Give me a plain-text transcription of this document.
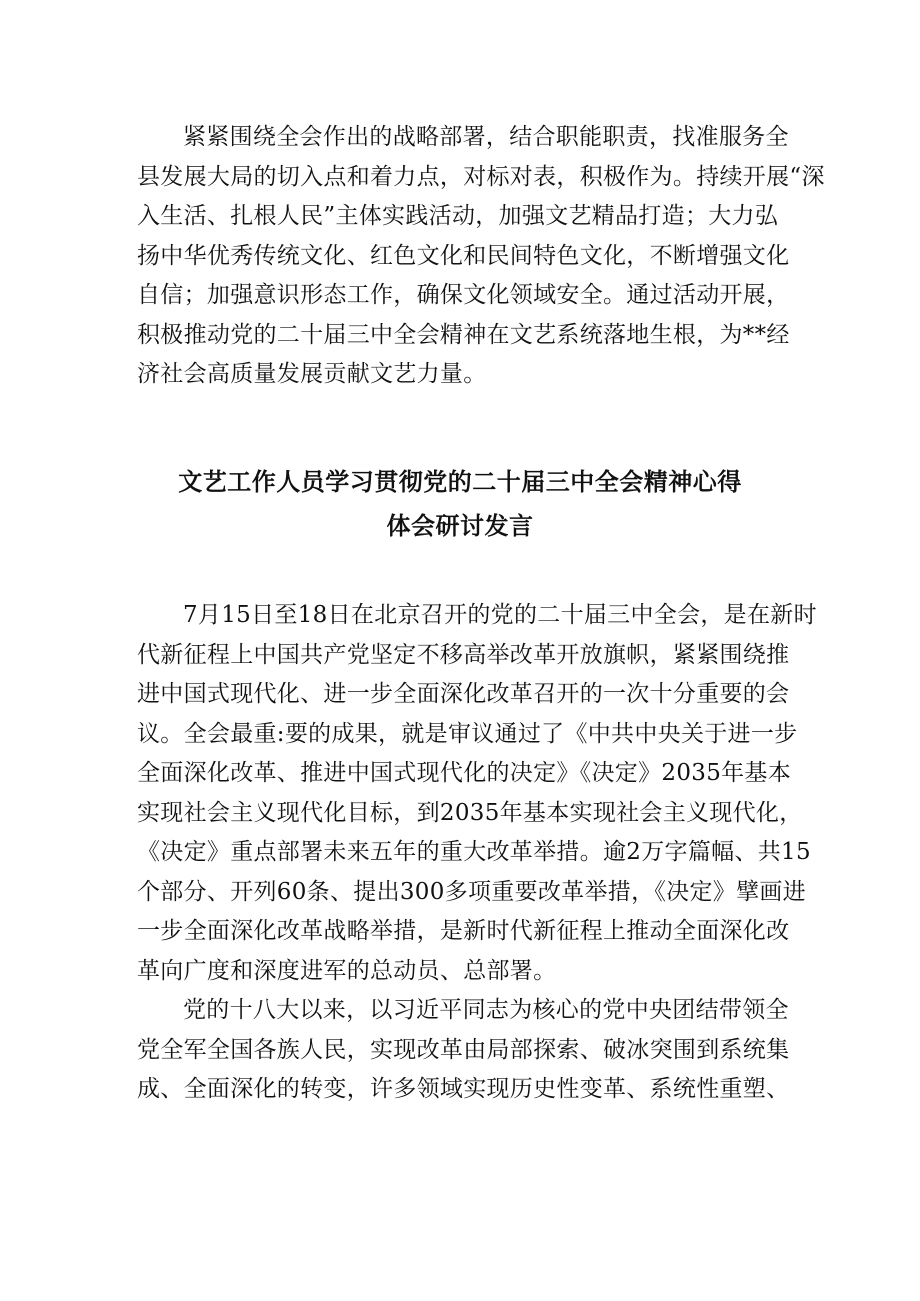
紧紧围绕全会作出的战略部署，结合职能职责，找准服务全
县发展大局的切入点和着力点，对标对表，积极作为。持续开展“深
入生活、扎根人民”主体实践活动，加强文艺精品打造；大力弘
扬中华优秀传统文化、红色文化和民间特色文化，不断增强文化
自信；加强意识形态工作，确保文化领域安全。通过活动开展，
积极推动党的二十届三中全会精神在文艺系统落地生根，为**经
济社会高质量发展贡献文艺力量。
文艺工作人员学习贯彻党的二十届三中全会精神心得
体会研讨发言
7月15日至18日在北京召开的党的二十届三中全会，是在新时
代新征程上中国共产党坚定不移高举改革开放旗帜，紧紧围绕推
进中国式现代化、进一步全面深化改革召开的一次十分重要的会
议。全会最重:要的成果，就是审议通过了《中共中央关于进一步
全面深化改革、推进中国式现代化的决定》《决定》2035年基本
实现社会主义现代化目标，到2035年基本实现社会主义现代化，
《决定》重点部署未来五年的重大改革举措。逾2万字篇幅、共15
个部分、开列60条、提出300多项重要改革举措，《决定》擘画进
一步全面深化改革战略举措，是新时代新征程上推动全面深化改
革向广度和深度进军的总动员、总部署。
党的十八大以来，以习近平同志为核心的党中央团结带领全
党全军全国各族人民，实现改革由局部探索、破冰突围到系统集
成、全面深化的转变，许多领域实现历史性变革、系统性重塑、
